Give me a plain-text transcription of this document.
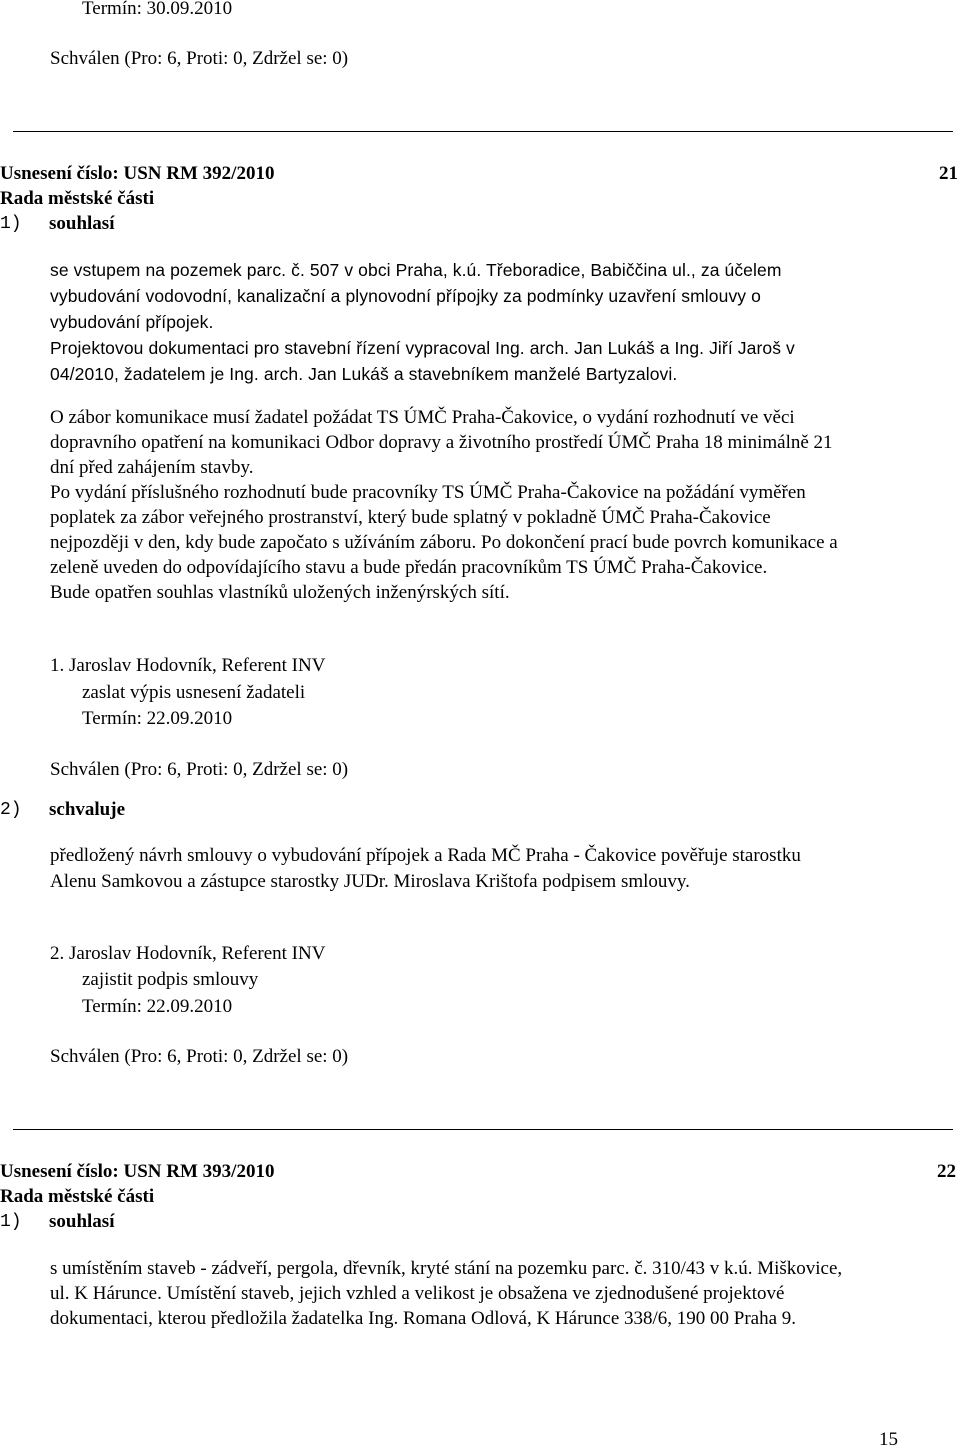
Termín: 30.09.2010
Schválen (Pro: 6, Proti: 0, Zdržel se: 0)
Usnesení číslo: USN RM 392/2010	21
Rada městské části
1) souhlasí
se vstupem na pozemek parc. č. 507 v obci Praha, k.ú. Třeboradice, Babiččina ul., za účelem
vybudování vodovodní, kanalizační a plynovodní přípojky za podmínky uzavření smlouvy o
vybudování přípojek.
Projektovou dokumentaci pro stavební řízení vypracoval Ing. arch. Jan Lukáš a Ing. Jiří Jaroš v
04/2010, žadatelem je Ing. arch. Jan Lukáš a stavebníkem manželé Bartyzalovi.
O zábor komunikace musí žadatel požádat TS ÚMČ Praha-Čakovice, o vydání rozhodnutí ve věci
dopravního opatření na komunikaci Odbor dopravy a životního prostředí ÚMČ Praha 18 minimálně 21
dní před zahájením stavby.
Po vydání příslušného rozhodnutí bude pracovníky TS ÚMČ Praha-Čakovice na požádání vyměřen
poplatek za zábor veřejného prostranství, který bude splatný v pokladně ÚMČ Praha-Čakovice
nejpozději v den, kdy bude započato s užíváním záboru. Po dokončení prací bude povrch komunikace a
zeleně uveden do odpovídajícího stavu a bude předán pracovníkům TS ÚMČ Praha-Čakovice.
Bude opatřen souhlas vlastníků uložených inženýrských sítí.
1. Jaroslav Hodovník, Referent INV
zaslat výpis usnesení žadateli
Termín: 22.09.2010
Schválen (Pro: 6, Proti: 0, Zdržel se: 0)
2) schvaluje
předložený návrh smlouvy o vybudování přípojek a Rada MČ Praha - Čakovice pověřuje starostku
Alenu Samkovou a zástupce starostky JUDr. Miroslava Krištofa podpisem smlouvy.
2. Jaroslav Hodovník, Referent INV
zajistit podpis smlouvy
Termín: 22.09.2010
Schválen (Pro: 6, Proti: 0, Zdržel se: 0)
Usnesení číslo: USN RM 393/2010	22
Rada městské části
1) souhlasí
s umístěním staveb - zádveří, pergola, dřevník, kryté stání na pozemku parc. č. 310/43 v k.ú. Miškovice,
ul. K Hárunce. Umístění staveb, jejich vzhled a velikost je obsažena ve zjednodušené projektové
dokumentaci, kterou předložila žadatelka Ing. Romana Odlová, K Hárunce 338/6, 190 00 Praha 9.
15
